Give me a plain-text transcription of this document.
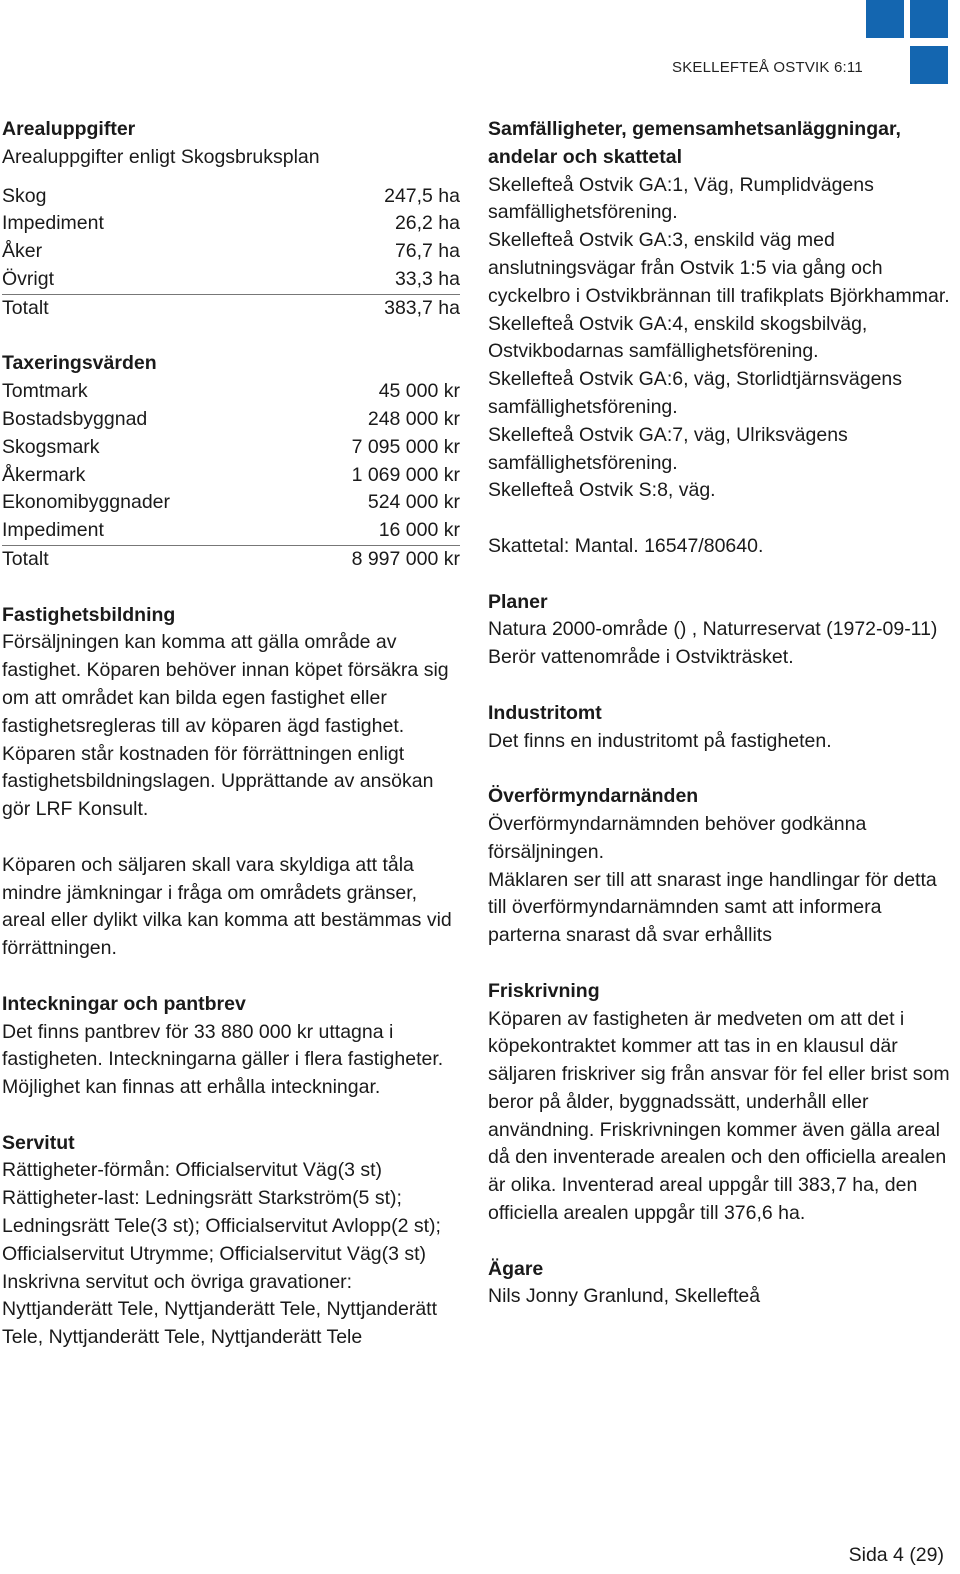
SKELLEFTEÅ OSTVIK 6:11
Arealuppgifter

Arealuppgifter enligt Skogsbruksplan

Skog	247,5 ha
Impediment	26,2 ha
Åker	76,7 ha
Övrigt	33,3 ha
Totalt	383,7 ha
Taxeringsvärden
Tomtmark	45 000 kr
Bostadsbyggnad	248 000 kr
Skogsmark	7 095 000 kr
Åkermark	1 069 000 kr
Ekonomibyggnader	524 000 kr
Impediment	16 000 kr
Totalt	8 997 000 kr
Fastighetsbildning

Försäljningen kan komma att gälla område av fastighet. Köparen behöver innan köpet försäkra sig om att området kan bilda egen fastighet eller fastighetsregleras till av köparen ägd fastighet. Köparen står kostnaden för förrättningen enligt fastighetsbildningslagen. Upprättande av ansökan gör LRF Konsult.

Köparen och säljaren skall vara skyldiga att tåla mindre jämkningar i fråga om områdets gränser, areal eller dylikt vilka kan komma att bestämmas vid förrättningen.

Inteckningar och pantbrev

Det finns pantbrev för 33 880 000 kr uttagna i fastigheten. Inteckningarna gäller i flera fastigheter. Möjlighet kan finnas att erhålla inteckningar.

Servitut

Rättigheter-förmån: Officialservitut Väg(3 st)

Rättigheter-last: Ledningsrätt Starkström(5 st); Ledningsrätt Tele(3 st); Officialservitut Avlopp(2 st); Officialservitut Utrymme; Officialservitut Väg(3 st)

Inskrivna servitut och övriga gravationer: Nyttjanderätt Tele, Nyttjanderätt Tele, Nyttjanderätt Tele, Nyttjanderätt Tele, Nyttjanderätt Tele

Samfälligheter, gemensamhetsanläggningar, andelar och skattetal

Skellefteå Ostvik GA:1, Väg, Rumplidvägens samfällighetsförening.

Skellefteå Ostvik GA:3, enskild väg med anslutningsvägar från Ostvik 1:5 via gång och cyckelbro i Ostvikbrännan till trafikplats Björkhammar.

Skellefteå Ostvik GA:4, enskild skogsbilväg, Ostvikbodarnas samfällighetsförening.

Skellefteå Ostvik GA:6, väg, Storlidtjärnsvägens samfällighetsförening.

Skellefteå Ostvik GA:7, väg, Ulriksvägens samfällighetsförening.

Skellefteå Ostvik S:8, väg.

Skattetal: Mantal. 16547/80640.

Planer

Natura 2000-område () , Naturreservat (1972-09-11) Berör vattenområde i Ostvikträsket.

Industritomt

Det finns en industritomt på fastigheten.

Överförmyndarnänden

Överförmyndarnämnden behöver godkänna försäljningen.

Mäklaren ser till att snarast inge handlingar för detta till överförmyndarnämnden samt att informera parterna snarast då svar erhållits

Friskrivning

Köparen av fastigheten är medveten om att det i köpekontraktet kommer att tas in en klausul där säljaren friskriver sig från ansvar för fel eller brist som beror på ålder, byggnadssätt, underhåll eller användning. Friskrivningen kommer även gälla areal då den inventerade arealen och den officiella arealen är olika. Inventerad areal uppgår till 383,7 ha, den officiella arealen uppgår till 376,6 ha.

Ägare

Nils Jonny Granlund, Skellefteå

Sida 4 (29)
